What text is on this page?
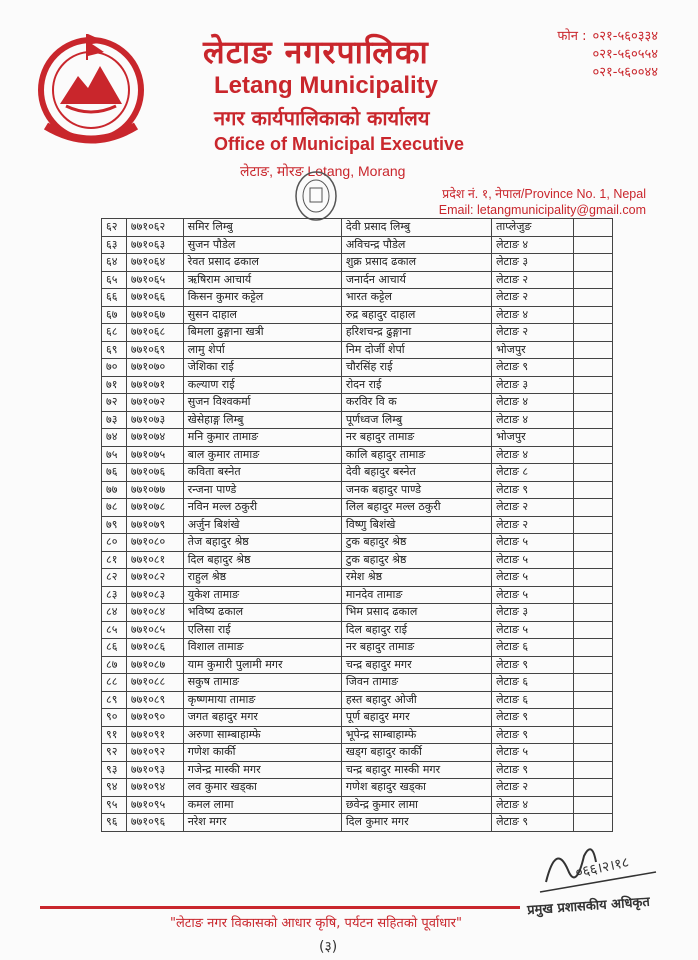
लेटाङ नगरपालिका
Letang Municipality
नगर कार्यपालिकाको कार्यालय
Office of Municipal Executive
लेटाङ, मोरङ Letang, Morang
फोन : ०२१-५६०३३४
०२१-५६०५५४
०२१-५६००४४
प्रदेश नं. १, नेपाल/Province No. 1, Nepal
Email: letangmunicipality@gmail.com
६२	७७१०६२	समिर लिम्बु	देवी प्रसाद लिम्बु	ताप्लेजुङ	
६३	७७१०६३	सुजन पौडेल	अविचन्द्र पौडेल	लेटाङ ४	
६४	७७१०६४	रेवत प्रसाद ढकाल	शुक्र प्रसाद ढकाल	लेटाङ ३	
६५	७७१०६५	ऋषिराम आचार्य	जनार्दन आचार्य	लेटाङ २	
६६	७७१०६६	किसन कुमार कट्टेल	भारत कट्टेल	लेटाङ २	
६७	७७१०६७	सुसन दाहाल	रुद्र बहादुर दाहाल	लेटाङ ४	
६८	७७१०६८	बिमला ढुङ्गाना खत्री	हरिशचन्द्र ढुङ्गाना	लेटाङ २	
६९	७७१०६९	लामु शेर्पा	निम दोर्जी शेर्पा	भोजपुर	
७०	७७१०७०	जेशिका राई	चौरसिंह राई	लेटाङ ९	
७१	७७१०७१	कल्याण राई	रोदन राई	लेटाङ ३	
७२	७७१०७२	सुजन विश्वकर्मा	करविर वि क	लेटाङ ४	
७३	७७१०७३	खेसेहाङ्ग लिम्बु	पूर्णध्वज लिम्बु	लेटाङ ४	
७४	७७१०७४	मनि कुमार तामाङ	नर बहादुर तामाङ	भोजपुर	
७५	७७१०७५	बाल कुमार तामाङ	कालि बहादुर तामाङ	लेटाङ ४	
७६	७७१०७६	कविता बस्नेत	देवी बहादुर बस्नेत	लेटाङ ८	
७७	७७१०७७	रन्जना पाण्डे	जनक बहादुर पाण्डे	लेटाङ ९	
७८	७७१०७८	नविन मल्ल ठकुरी	लिल बहादुर मल्ल ठकुरी	लेटाङ २	
७९	७७१०७९	अर्जुन बिशंखे	विष्णु बिशंखे	लेटाङ २	
८०	७७१०८०	तेज बहादुर श्रेष्ठ	टुक बहादुर श्रेष्ठ	लेटाङ ५	
८१	७७१०८१	दिल बहादुर श्रेष्ठ	टुक बहादुर श्रेष्ठ	लेटाङ ५	
८२	७७१०८२	राहुल श्रेष्ठ	रमेश श्रेष्ठ	लेटाङ ५	
८३	७७१०८३	युकेश तामाङ	मानदेव तामाङ	लेटाङ ५	
८४	७७१०८४	भविष्य ढकाल	भिम प्रसाद ढकाल	लेटाङ ३	
८५	७७१०८५	एलिसा राई	दिल बहादुर राई	लेटाङ ५	
८६	७७१०८६	विशाल तामाङ	नर बहादुर तामाङ	लेटाङ ६	
८७	७७१०८७	याम कुमारी पुलामी मगर	चन्द्र बहादुर मगर	लेटाङ ९	
८८	७७१०८८	सकुष तामाङ	जिवन तामाङ	लेटाङ ६	
८९	७७१०८९	कृष्णमाया तामाङ	हस्त बहादुर ओजी	लेटाङ ६	
९०	७७१०९०	जगत बहादुर मगर	पूर्ण बहादुर मगर	लेटाङ ९	
९१	७७१०९१	अरुणा साम्बाहाम्फे	भूपेन्द्र साम्बाहाम्फे	लेटाङ ९	
९२	७७१०९२	गणेश कार्की	खड्ग बहादुर कार्की	लेटाङ ५	
९३	७७१०९३	गजेन्द्र मास्की मगर	चन्द्र बहादुर मास्की मगर	लेटाङ ९	
९४	७७१०९४	लव कुमार खड्का	गणेश बहादुर खड्का	लेटाङ २	
९५	७७१०९५	कमल लामा	छवेन्द्र कुमार लामा	लेटाङ ४	
९६	७७१०९६	नरेश मगर	दिल कुमार मगर	लेटाङ ९	
०६६।२।१८
प्रमुख प्रशासकीय अधिकृत
"लेटाङ नगर विकासको आधार कृषि, पर्यटन सहितको पूर्वाधार"
(३)
